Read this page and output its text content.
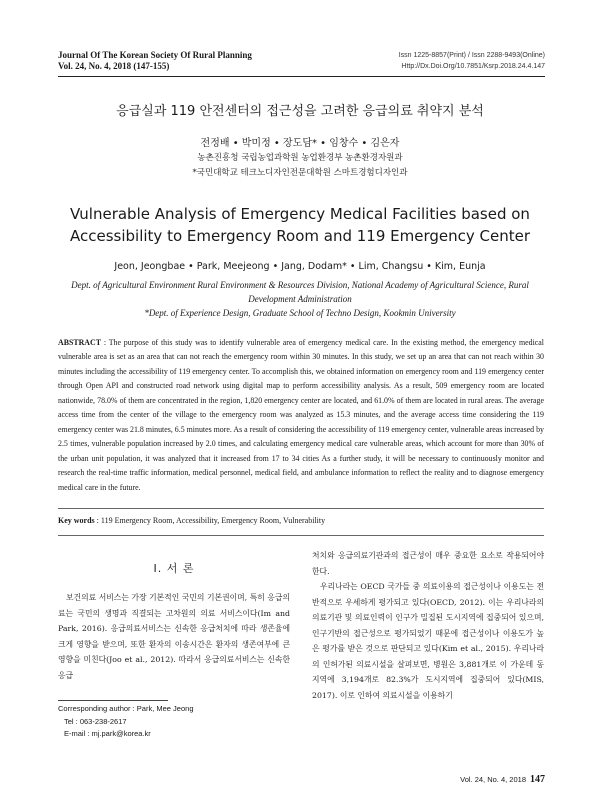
Journal Of The Korean Society Of Rural Planning
Vol. 24, No. 4, 2018 (147-155)
Issn 1225-8857(Print) / Issn 2288-9493(Online)
Http://Dx.Doi.Org/10.7851/Ksrp.2018.24.4.147
응급실과 119 안전센터의 접근성을 고려한 응급의료 취약지 분석
전정배 • 박미정 • 장도담* • 임창수 • 김은자
농촌진흥청 국립농업과학원 농업환경부 농촌환경자원과
*국민대학교 테크노디자인전문대학원 스마트경험디자인과
Vulnerable Analysis of Emergency Medical Facilities based on
Accessibility to Emergency Room and 119 Emergency Center
Jeon, Jeongbae • Park, Meejeong • Jang, Dodam* • Lim, Changsu • Kim, Eunja
Dept. of Agricultural Environment Rural Environment & Resources Division, National Academy of Agricultural Science, Rural Development Administration
*Dept. of Experience Design, Graduate School of Techno Design, Kookmin University
ABSTRACT : The purpose of this study was to identify vulnerable area of emergency medical care. In the existing method, the emergency medical vulnerable area is set as an area that can not reach the emergency room within 30 minutes. In this study, we set up an area that can not reach within 30 minutes including the accessibility of 119 emergency center. To accomplish this, we obtained information on emergency room and 119 emergency center through Open API and constructed road network using digital map to perform accessibility analysis. As a result, 509 emergency room are located nationwide, 78.0% of them are concentrated in the region, 1,820 emergency center are located, and 61.0% of them are located in rural areas. The average access time from the center of the village to the emergency room was analyzed as 15.3 minutes, and the average access time considering the 119 emergency center was 21.8 minutes, 6.5 minutes more. As a result of considering the accessibility of 119 emergency center, vulnerable areas increased by 2.5 times, vulnerable population increased by 2.0 times, and calculating emergency medical care vulnerable areas, which account for more than 30% of the urban unit population, it was analyzed that it increased from 17 to 34 cities As a further study, it will be necessary to continuously monitor and research the real-time traffic information, medical personnel, medical field, and ambulance information to reflect the reality and to diagnose emergency medical care in the future.
Key words : 119 Emergency Room, Accessibility, Emergency Room, Vulnerability
Ⅰ. 서 론

보건의료 서비스는 가장 기본적인 국민의 기본권이며, 특히 응급의료는 국민의 생명과 직결되는 고차원의 의료 서비스이다(Im and Park, 2016). 응급의료서비스는 신속한 응급처치에 따라 생존율에 크게 영향을 받으며, 또한 환자의 이송시간은 환자의 생존여부에 큰 영향을 미친다(Joo et al., 2012). 따라서 응급의료서비스는 신속한 응급

처치와 응급의료기관과의 접근성이 매우 중요한 요소로 작용되어야 한다.

우리나라는 OECD 국가들 중 의료이용의 접근성이나 이용도는 전반적으로 우세하게 평가되고 있다(OECD, 2012). 이는 우리나라의 의료기관 및 의료인력이 인구가 밀집된 도시지역에 집중되어 있으며, 인구기반의 접근성으로 평가되었기 때문에 접근성이나 이용도가 높은 평가를 받은 것으로 판단되고 있다(Kim et al., 2015). 우리나라의 인허가된 의료시설을 살펴보면, 병원은 3,881개로 이 가운데 동지역에 3,194개로 82.3%가 도시지역에 집중되어 있다(MIS, 2017). 이로 인하여 의료시설을 이용하기

Corresponding author : Park, Mee Jeong
Tel : 063-238-2617
E-mail : mj.park@korea.kr
Vol. 24, No. 4, 2018 147
